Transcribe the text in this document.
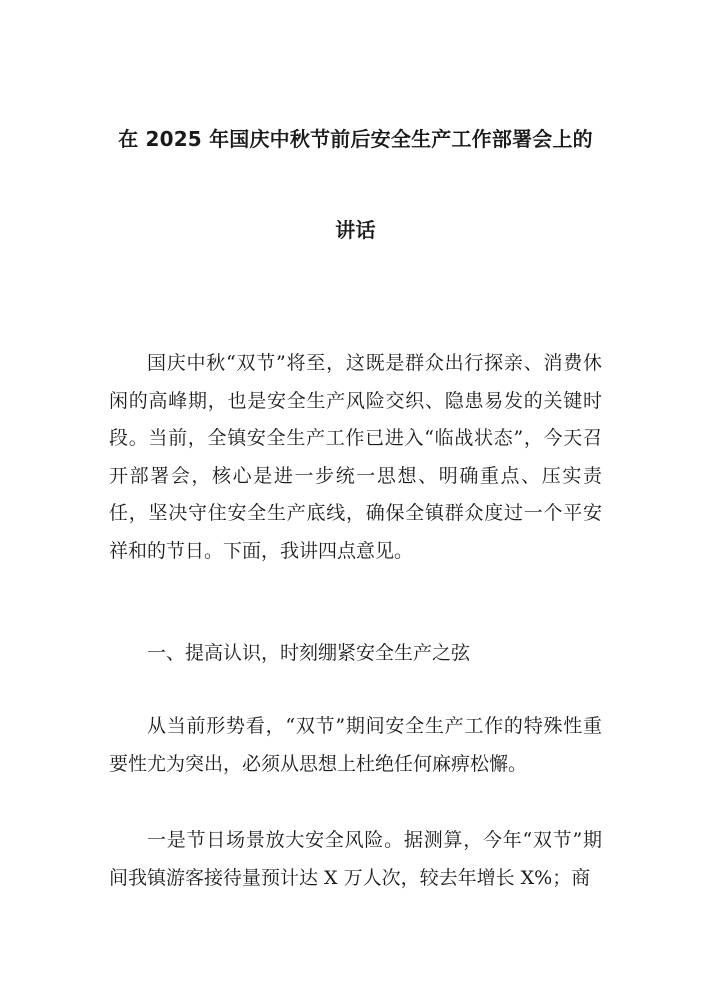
在 2025 年国庆中秋节前后安全生产工作部署会上的
讲话

国庆中秋“双节”将至，这既是群众出行探亲、消费休闲的高峰期，也是安全生产风险交织、隐患易发的关键时段。当前，全镇安全生产工作已进入“临战状态”，今天召开部署会，核心是进一步统一思想、明确重点、压实责任，坚决守住安全生产底线，确保全镇群众度过一个平安祥和的节日。下面，我讲四点意见。

一、提高认识，时刻绷紧安全生产之弦

从当前形势看，“双节”期间安全生产工作的特殊性重要性尤为突出，必须从思想上杜绝任何麻痹松懈。

一是节日场景放大安全风险。据测算，今年“双节”期间我镇游客接待量预计达 X 万人次，较去年增长 X%；商
